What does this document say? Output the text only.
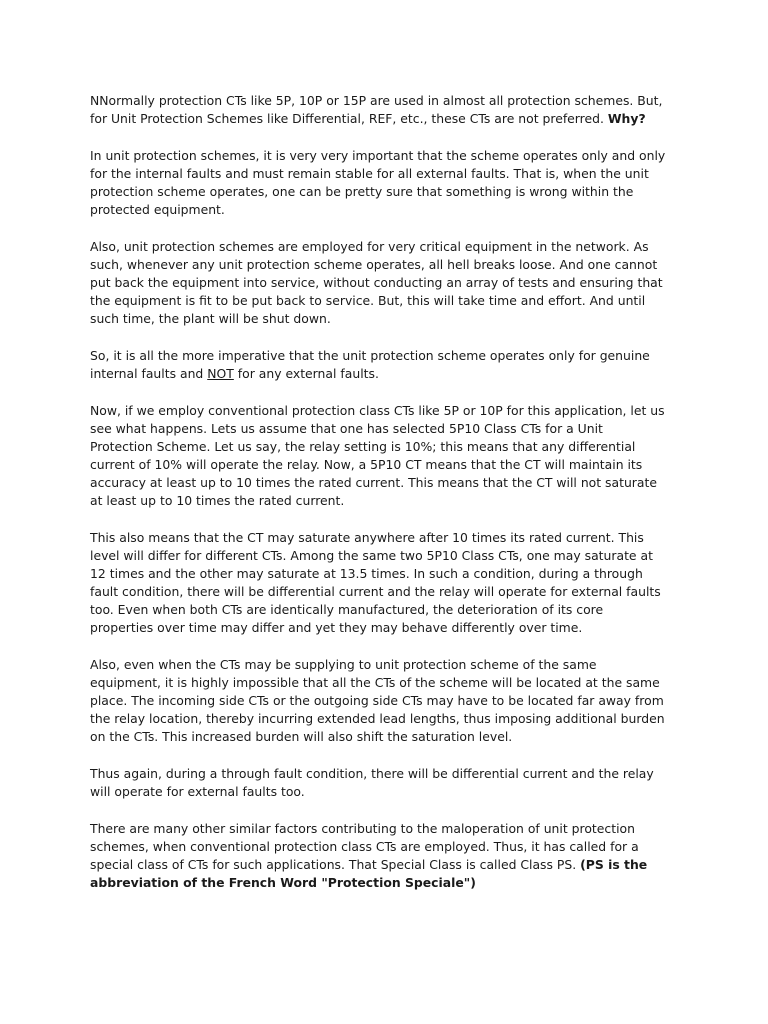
NNormally protection CTs like 5P, 10P or 15P are used in almost all protection schemes. But,
for Unit Protection Schemes like Differential, REF, etc., these CTs are not preferred. Why?

In unit protection schemes, it is very very important that the scheme operates only and only
for the internal faults and must remain stable for all external faults. That is, when the unit
protection scheme operates, one can be pretty sure that something is wrong within the
protected equipment.

Also, unit protection schemes are employed for very critical equipment in the network. As
such, whenever any unit protection scheme operates, all hell breaks loose. And one cannot
put back the equipment into service, without conducting an array of tests and ensuring that
the equipment is fit to be put back to service. But, this will take time and effort. And until
such time, the plant will be shut down.

So, it is all the more imperative that the unit protection scheme operates only for genuine
internal faults and NOT for any external faults.

Now, if we employ conventional protection class CTs like 5P or 10P for this application, let us
see what happens. Lets us assume that one has selected 5P10 Class CTs for a Unit
Protection Scheme. Let us say, the relay setting is 10%; this means that any differential
current of 10% will operate the relay. Now, a 5P10 CT means that the CT will maintain its
accuracy at least up to 10 times the rated current. This means that the CT will not saturate
at least up to 10 times the rated current.

This also means that the CT may saturate anywhere after 10 times its rated current. This
level will differ for different CTs. Among the same two 5P10 Class CTs, one may saturate at
12 times and the other may saturate at 13.5 times. In such a condition, during a through
fault condition, there will be differential current and the relay will operate for external faults
too. Even when both CTs are identically manufactured, the deterioration of its core
properties over time may differ and yet they may behave differently over time.

Also, even when the CTs may be supplying to unit protection scheme of the same
equipment, it is highly impossible that all the CTs of the scheme will be located at the same
place. The incoming side CTs or the outgoing side CTs may have to be located far away from
the relay location, thereby incurring extended lead lengths, thus imposing additional burden
on the CTs. This increased burden will also shift the saturation level.

Thus again, during a through fault condition, there will be differential current and the relay
will operate for external faults too.

There are many other similar factors contributing to the maloperation of unit protection
schemes, when conventional protection class CTs are employed. Thus, it has called for a
special class of CTs for such applications. That Special Class is called Class PS. (PS is the
abbreviation of the French Word "Protection Speciale")
